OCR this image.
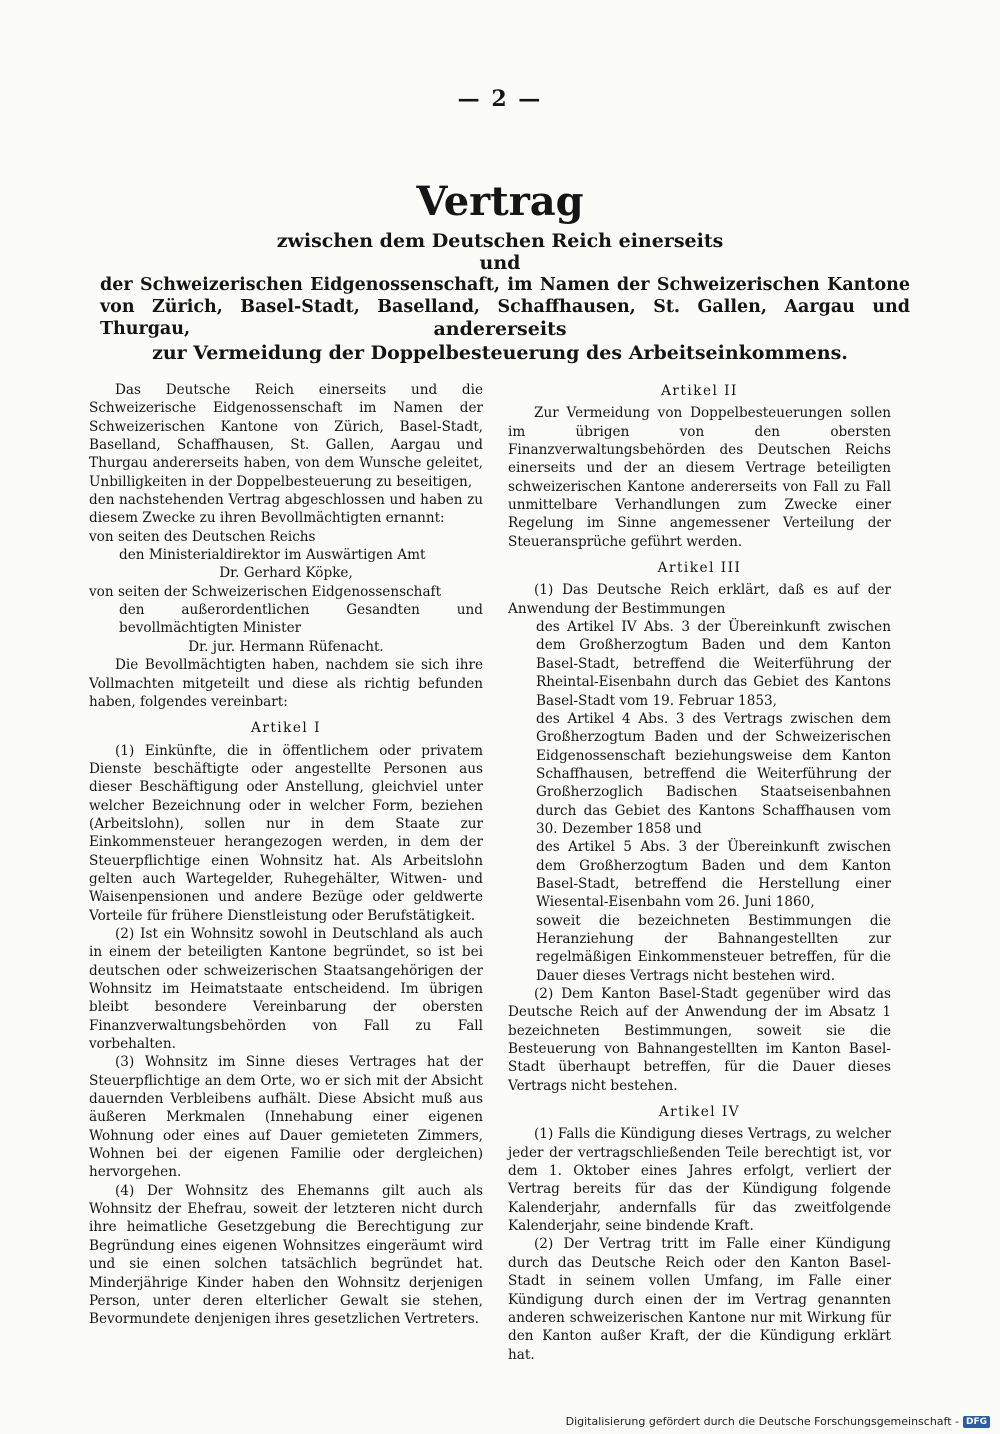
— 2 —
Vertrag
zwischen dem Deutschen Reich einerseits
und
der Schweizerischen Eidgenossenschaft, im Namen der Schweizerischen Kantone von Zürich, Basel-Stadt, Baselland, Schaffhausen, St. Gallen, Aargau und Thurgau,	andererseits
zur Vermeidung der Doppelbesteuerung des Arbeitseinkommens.

Das Deutsche Reich einerseits und die Schweizerische Eidgenossenschaft im Namen der Schweizerischen Kantone von Zürich, Basel-Stadt, Baselland, Schaffhausen, St. Gallen, Aargau und Thurgau andererseits haben, von dem Wunsche geleitet, Unbilligkeiten in der Doppelbesteuerung zu beseitigen,

den nachstehenden Vertrag abgeschlossen und haben zu diesem Zwecke zu ihren Bevollmächtigten ernannt:

von seiten des Deutschen Reichs

den Ministerialdirektor im Auswärtigen Amt

Dr. Gerhard Köpke,

von seiten der Schweizerischen Eidgenossenschaft

den außerordentlichen Gesandten und bevollmächtigten Minister

Dr. jur. Hermann Rüfenacht.

Die Bevollmächtigten haben, nachdem sie sich ihre Vollmachten mitgeteilt und diese als richtig befunden haben, folgendes vereinbart:

Artikel I

(1) Einkünfte, die in öffentlichem oder privatem Dienste beschäftigte oder angestellte Personen aus dieser Beschäftigung oder Anstellung, gleichviel unter welcher Bezeichnung oder in welcher Form, beziehen (Arbeitslohn), sollen nur in dem Staate zur Einkommensteuer herangezogen werden, in dem der Steuerpflichtige einen Wohnsitz hat. Als Arbeitslohn gelten auch Wartegelder, Ruhegehälter, Witwen- und Waisenpensionen und andere Bezüge oder geldwerte Vorteile für frühere Dienstleistung oder Berufstätigkeit.

(2) Ist ein Wohnsitz sowohl in Deutschland als auch in einem der beteiligten Kantone begründet, so ist bei deutschen oder schweizerischen Staatsangehörigen der Wohnsitz im Heimatstaate entscheidend. Im übrigen bleibt besondere Vereinbarung der obersten Finanzverwaltungsbehörden von Fall zu Fall vorbehalten.

(3) Wohnsitz im Sinne dieses Vertrages hat der Steuerpflichtige an dem Orte, wo er sich mit der Absicht dauernden Verbleibens aufhält. Diese Absicht muß aus äußeren Merkmalen (Innehabung einer eigenen Wohnung oder eines auf Dauer gemieteten Zimmers, Wohnen bei der eigenen Familie oder dergleichen) hervorgehen.

(4) Der Wohnsitz des Ehemanns gilt auch als Wohnsitz der Ehefrau, soweit der letzteren nicht durch ihre heimatliche Gesetzgebung die Berechtigung zur Begründung eines eigenen Wohnsitzes eingeräumt wird und sie einen solchen tatsächlich begründet hat. Minderjährige Kinder haben den Wohnsitz derjenigen Person, unter deren elterlicher Gewalt sie stehen, Bevormundete denjenigen ihres gesetzlichen Vertreters.

Artikel II

Zur Vermeidung von Doppelbesteuerungen sollen im übrigen von den obersten Finanzverwaltungsbehörden des Deutschen Reichs einerseits und der an diesem Vertrage beteiligten schweizerischen Kantone andererseits von Fall zu Fall unmittelbare Verhandlungen zum Zwecke einer Regelung im Sinne angemessener Verteilung der Steueransprüche geführt werden.

Artikel III

(1) Das Deutsche Reich erklärt, daß es auf der Anwendung der Bestimmungen

des Artikel IV Abs. 3 der Übereinkunft zwischen dem Großherzogtum Baden und dem Kanton Basel-Stadt, betreffend die Weiterführung der Rheintal-Eisenbahn durch das Gebiet des Kantons Basel-Stadt vom 19. Februar 1853,

des Artikel 4 Abs. 3 des Vertrags zwischen dem Großherzogtum Baden und der Schweizerischen Eidgenossenschaft beziehungsweise dem Kanton Schaffhausen, betreffend die Weiterführung der Großherzoglich Badischen Staatseisenbahnen durch das Gebiet des Kantons Schaffhausen vom 30. Dezember 1858 und

des Artikel 5 Abs. 3 der Übereinkunft zwischen dem Großherzogtum Baden und dem Kanton Basel-Stadt, betreffend die Herstellung einer Wiesental-Eisenbahn vom 26. Juni 1860,

soweit die bezeichneten Bestimmungen die Heranziehung der Bahnangestellten zur regelmäßigen Einkommensteuer betreffen, für die Dauer dieses Vertrags nicht bestehen wird.

(2) Dem Kanton Basel-Stadt gegenüber wird das Deutsche Reich auf der Anwendung der im Absatz 1 bezeichneten Bestimmungen, soweit sie die Besteuerung von Bahnangestellten im Kanton Basel-Stadt überhaupt betreffen, für die Dauer dieses Vertrags nicht bestehen.

Artikel IV

(1) Falls die Kündigung dieses Vertrags, zu welcher jeder der vertragschließenden Teile berechtigt ist, vor dem 1. Oktober eines Jahres erfolgt, verliert der Vertrag bereits für das der Kündigung folgende Kalenderjahr, andernfalls für das zweitfolgende Kalenderjahr, seine bindende Kraft.

(2) Der Vertrag tritt im Falle einer Kündigung durch das Deutsche Reich oder den Kanton Basel-Stadt in seinem vollen Umfang, im Falle einer Kündigung durch einen der im Vertrag genannten anderen schweizerischen Kantone nur mit Wirkung für den Kanton außer Kraft, der die Kündigung erklärt hat.

Digitalisierung gefördert durch die Deutsche Forschungsgemeinschaft - DFG
